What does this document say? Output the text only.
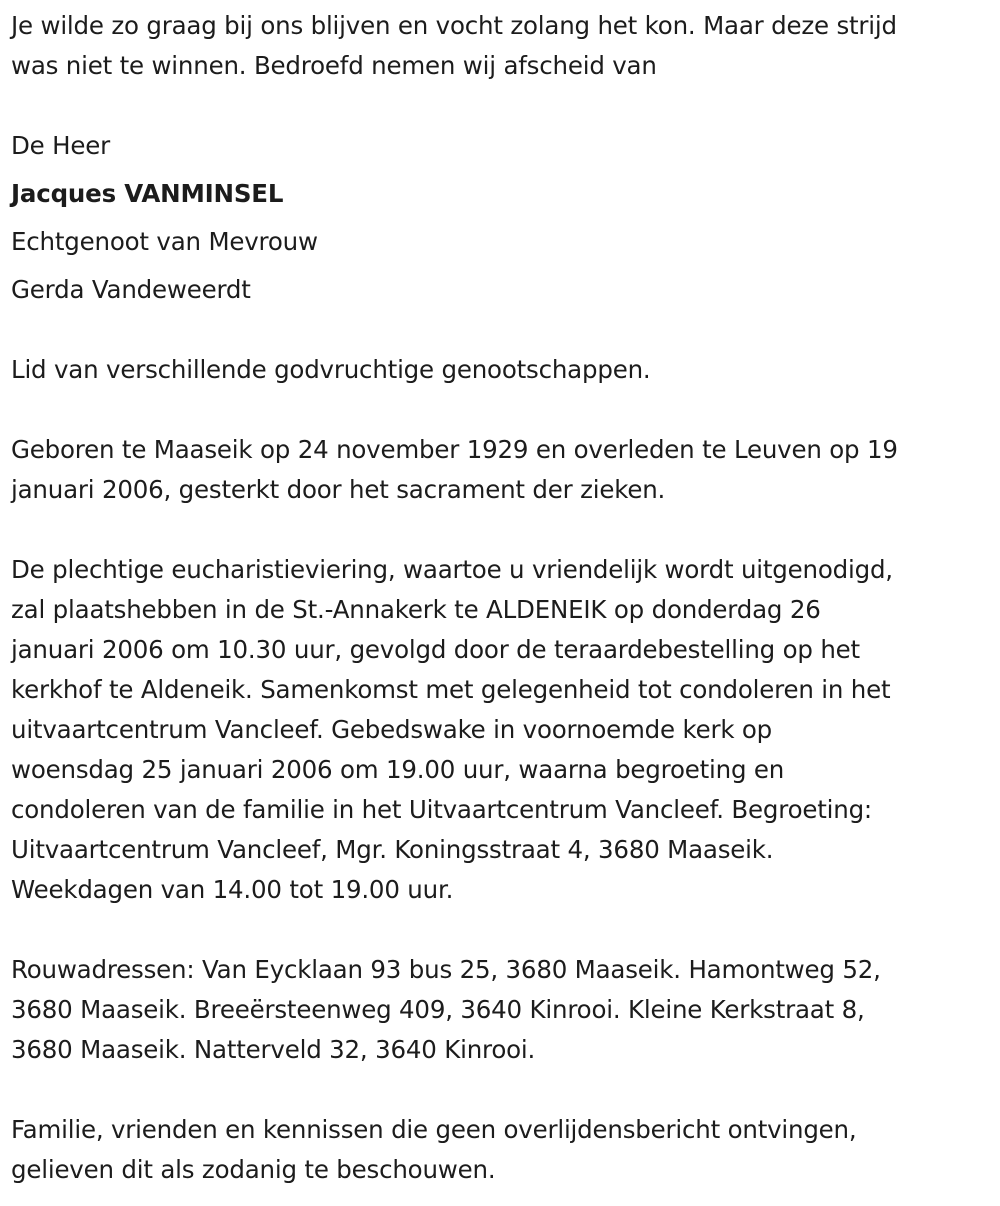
Je wilde zo graag bij ons blijven en vocht zolang het kon. Maar deze strijd
was niet te winnen. Bedroefd nemen wij afscheid van

De Heer

Jacques VANMINSEL

Echtgenoot van Mevrouw

Gerda Vandeweerdt

Lid van verschillende godvruchtige genootschappen.

Geboren te Maaseik op 24 november 1929 en overleden te Leuven op 19
januari 2006, gesterkt door het sacrament der zieken.

De plechtige eucharistieviering, waartoe u vriendelijk wordt uitgenodigd,
zal plaatshebben in de St.-Annakerk te ALDENEIK op donderdag 26
januari 2006 om 10.30 uur, gevolgd door de teraardebestelling op het
kerkhof te Aldeneik. Samenkomst met gelegenheid tot condoleren in het
uitvaartcentrum Vancleef. Gebedswake in voornoemde kerk op
woensdag 25 januari 2006 om 19.00 uur, waarna begroeting en
condoleren van de familie in het Uitvaartcentrum Vancleef. Begroeting:
Uitvaartcentrum Vancleef, Mgr. Koningsstraat 4, 3680 Maaseik.
Weekdagen van 14.00 tot 19.00 uur.

Rouwadressen: Van Eycklaan 93 bus 25, 3680 Maaseik. Hamontweg 52,
3680 Maaseik. Breeërsteenweg 409, 3640 Kinrooi. Kleine Kerkstraat 8,
3680 Maaseik. Natterveld 32, 3640 Kinrooi.

Familie, vrienden en kennissen die geen overlijdensbericht ontvingen,
gelieven dit als zodanig te beschouwen.
